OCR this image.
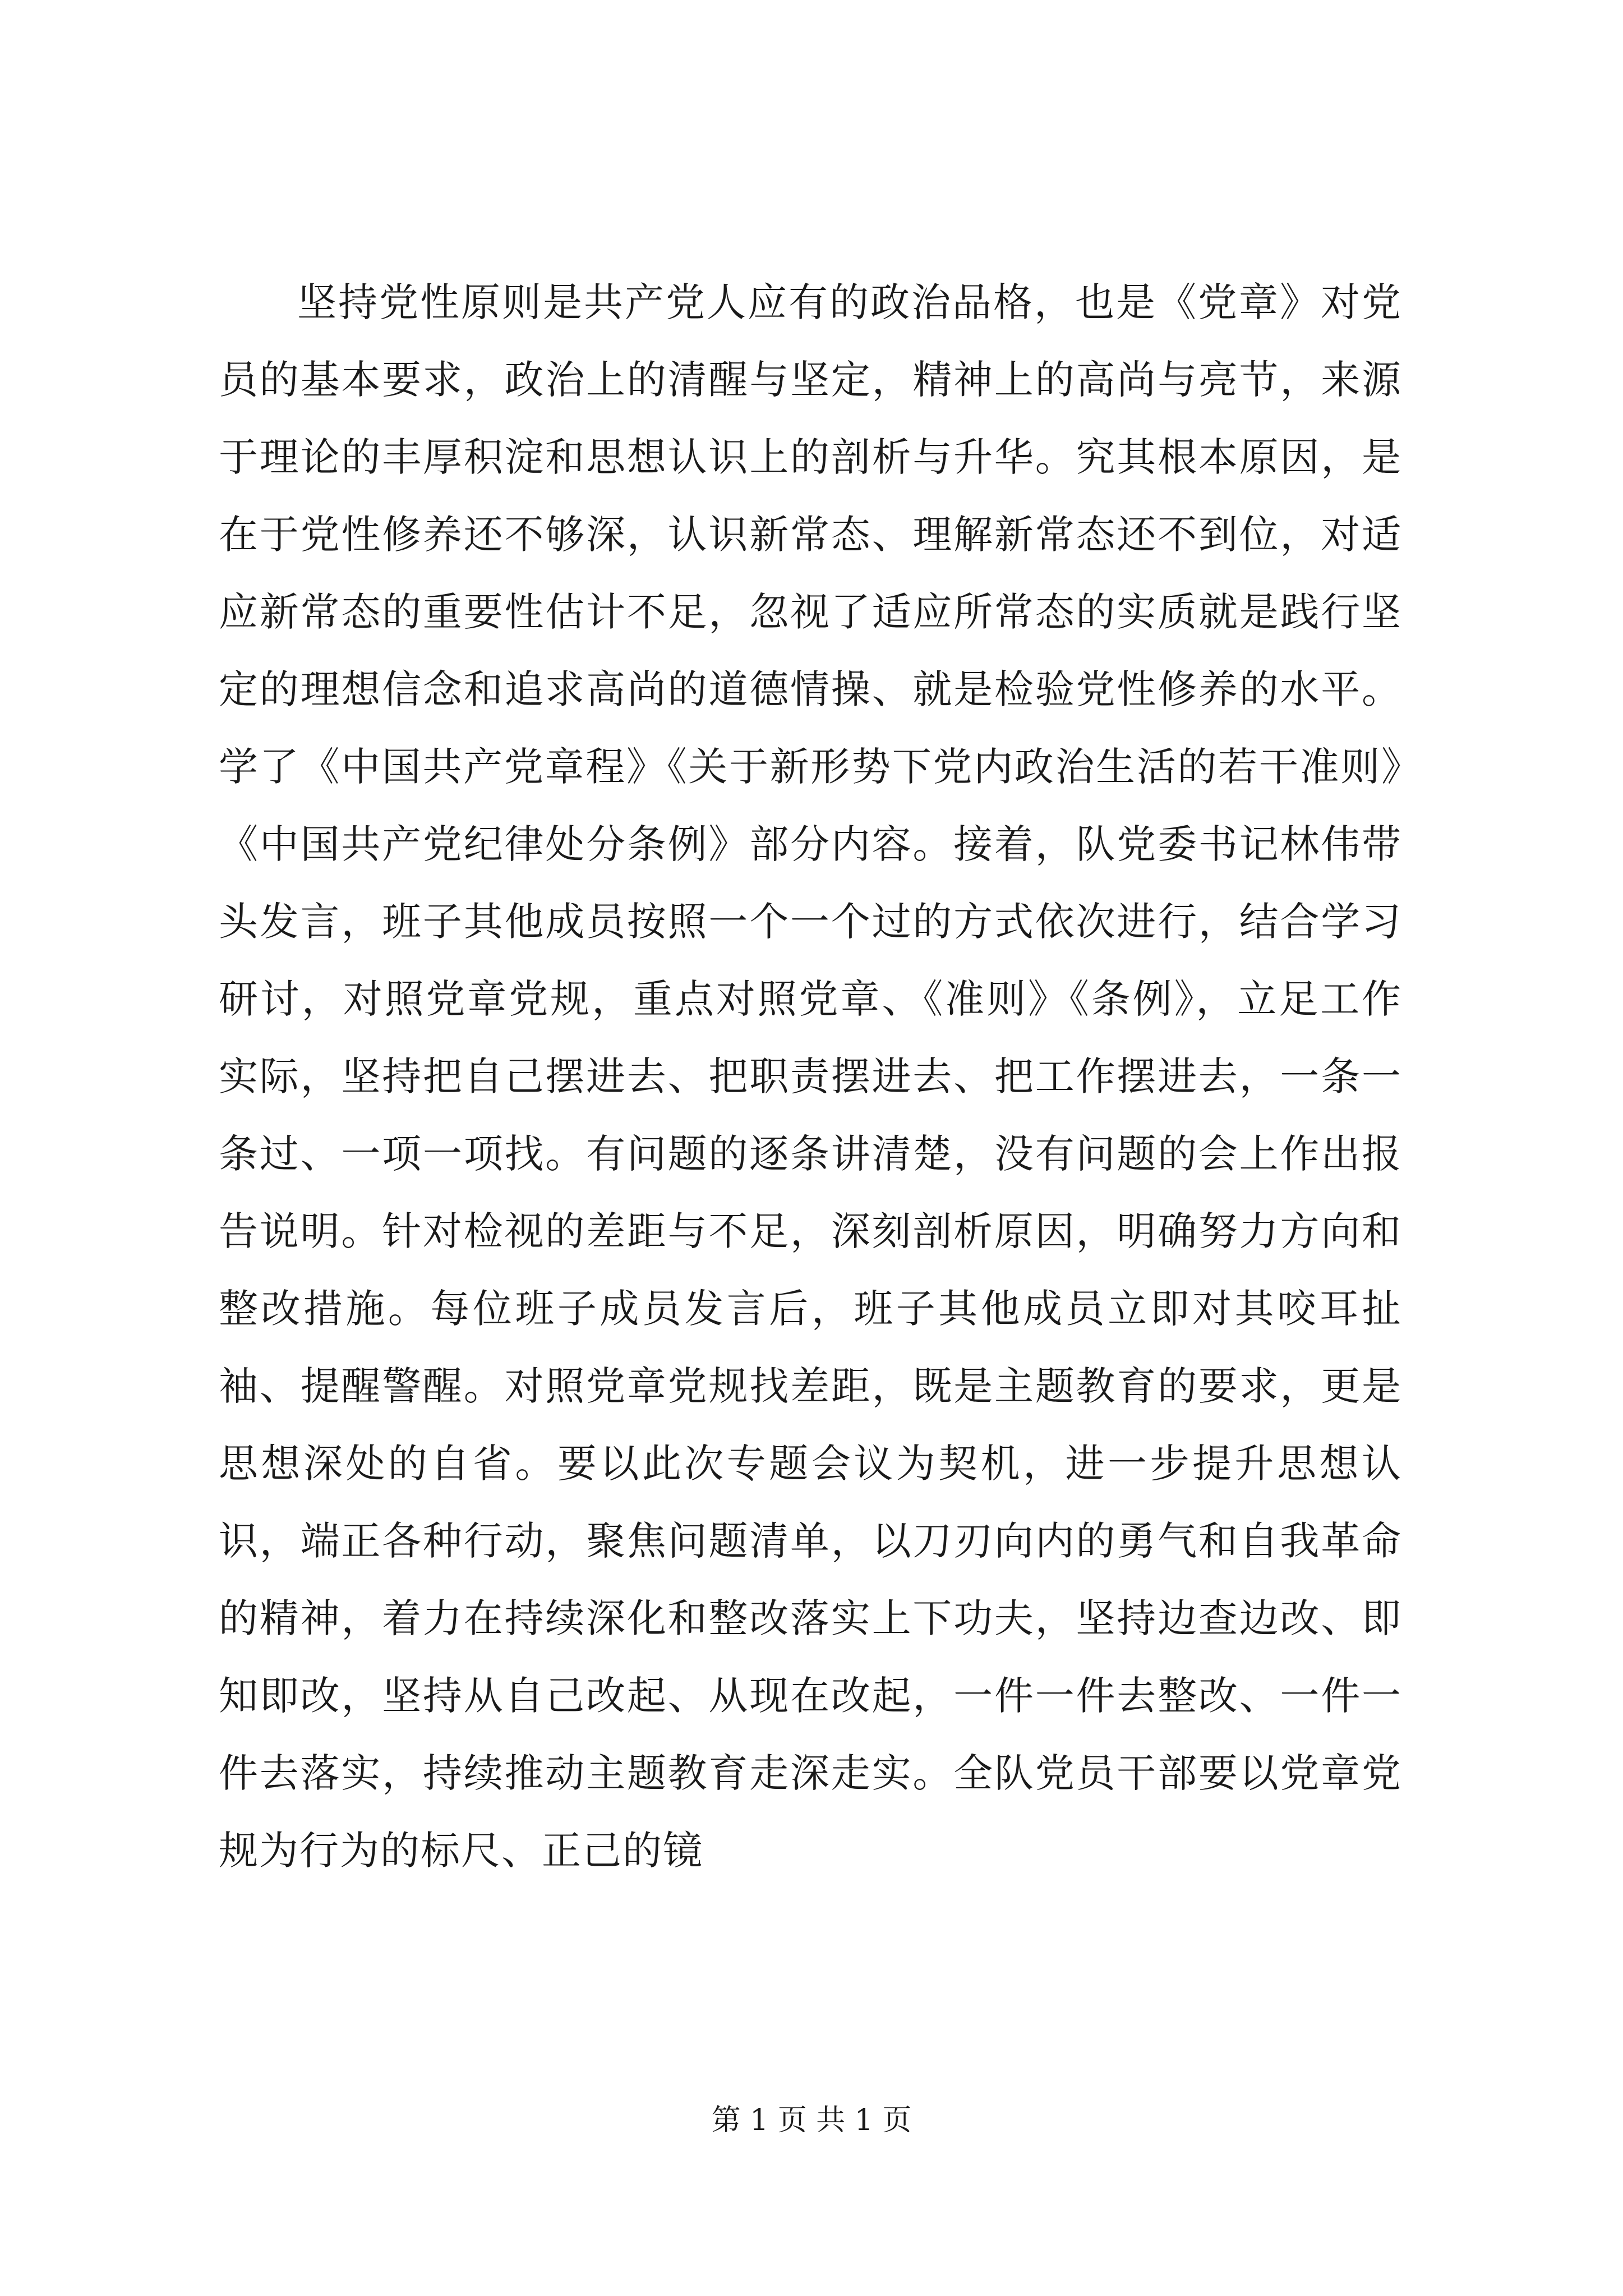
坚持党性原则是共产党人应有的政治品格，也是《党章》对党员的基本要求，政治上的清醒与坚定，精神上的高尚与亮节，来源于理论的丰厚积淀和思想认识上的剖析与升华。究其根本原因，是在于党性修养还不够深，认识新常态、理解新常态还不到位，对适应新常态的重要性估计不足，忽视了适应所常态的实质就是践行坚定的理想信念和追求高尚的道德情操、就是检验党性修养的水平。学了《中国共产党章程》《关于新形势下党内政治生活的若干准则》《中国共产党纪律处分条例》部分内容。接着，队党委书记林伟带头发言，班子其他成员按照一个一个过的方式依次进行，结合学习研讨，对照党章党规，重点对照党章、《准则》《条例》，立足工作实际，坚持把自己摆进去、把职责摆进去、把工作摆进去，一条一条过、一项一项找。有问题的逐条讲清楚，没有问题的会上作出报告说明。针对检视的差距与不足，深刻剖析原因，明确努力方向和整改措施。每位班子成员发言后，班子其他成员立即对其咬耳扯袖、提醒警醒。对照党章党规找差距，既是主题教育的要求，更是思想深处的自省。要以此次专题会议为契机，进一步提升思想认识，端正各种行动，聚焦问题清单，以刀刃向内的勇气和自我革命的精神，着力在持续深化和整改落实上下功夫，坚持边查边改、即知即改，坚持从自己改起、从现在改起，一件一件去整改、一件一件去落实，持续推动主题教育走深走实。全队党员干部要以党章党规为行为的标尺、正己的镜

第 1 页 共 1 页
